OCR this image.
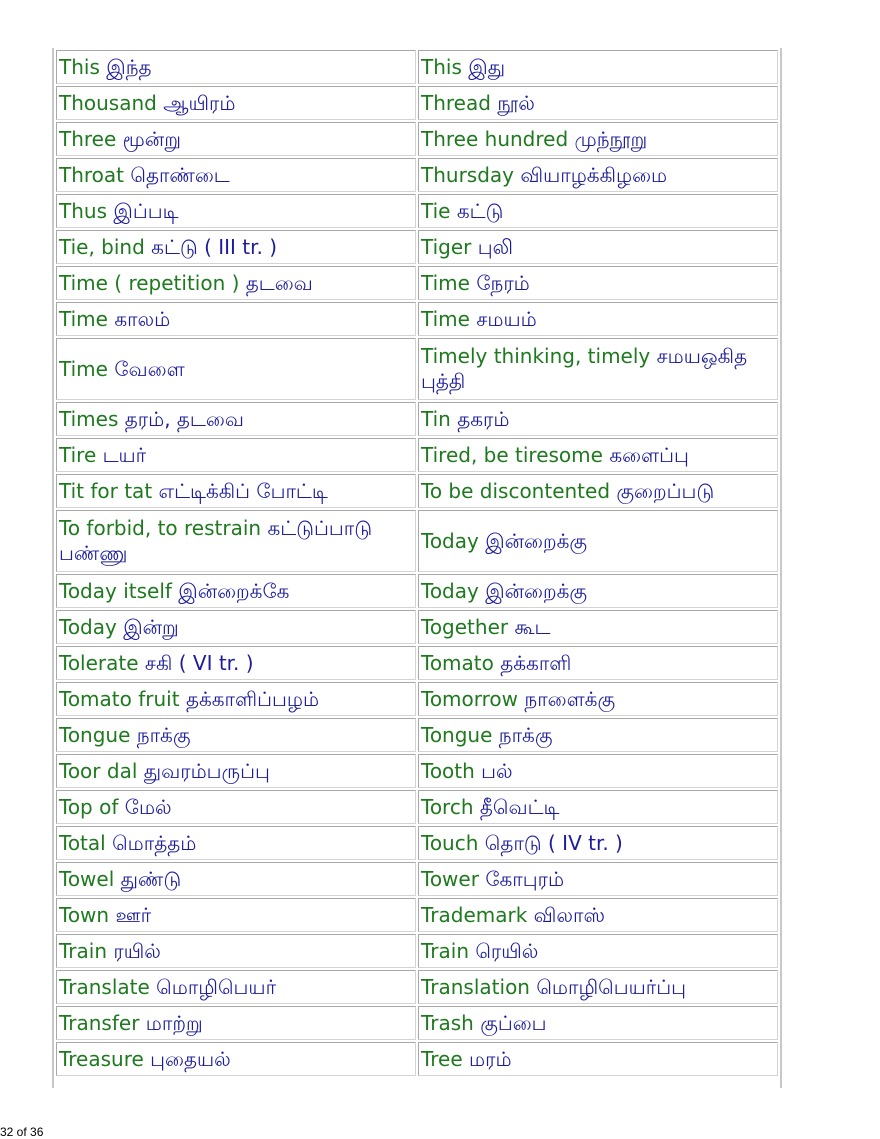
This இந்த	This இது
Thousand ஆயிரம்	Thread நூல்
Three மூன்று	Three hundred முந்நூறு
Throat தொண்டை	Thursday வியாழக்கிழமை
Thus இப்படி	Tie கட்டு
Tie, bind கட்டு ( III tr. )	Tiger புலி
Time ( repetition ) தடவை	Time நேரம்
Time காலம்	Time சமயம்
Time வேளை	Timely thinking, timely சமயஒகித புத்தி
Times தரம், தடவை	Tin தகரம்
Tire டயர்	Tired, be tiresome களைப்பு
Tit for tat எட்டிக்கிப் போட்டி	To be discontented குறைப்படு
To forbid, to restrain கட்டுப்பாடு பண்ணு	Today இன்றைக்கு
Today itself இன்றைக்கே	Today இன்றைக்கு
Today இன்று	Together கூட
Tolerate சகி ( VI tr. )	Tomato தக்காளி
Tomato fruit தக்காளிப்பழம்	Tomorrow நாளைக்கு
Tongue நாக்கு	Tongue நாக்கு
Toor dal துவரம்பருப்பு	Tooth பல்
Top of மேல்	Torch தீவெட்டி
Total மொத்தம்	Touch தொடு ( IV tr. )
Towel துண்டு	Tower கோபுரம்
Town ஊர்	Trademark விலாஸ்
Train ரயில்	Train ரெயில்
Translate மொழிபெயர்	Translation மொழிபெயர்ப்பு
Transfer மாற்று	Trash குப்பை
Treasure புதையல்	Tree மரம்
32 of 36
